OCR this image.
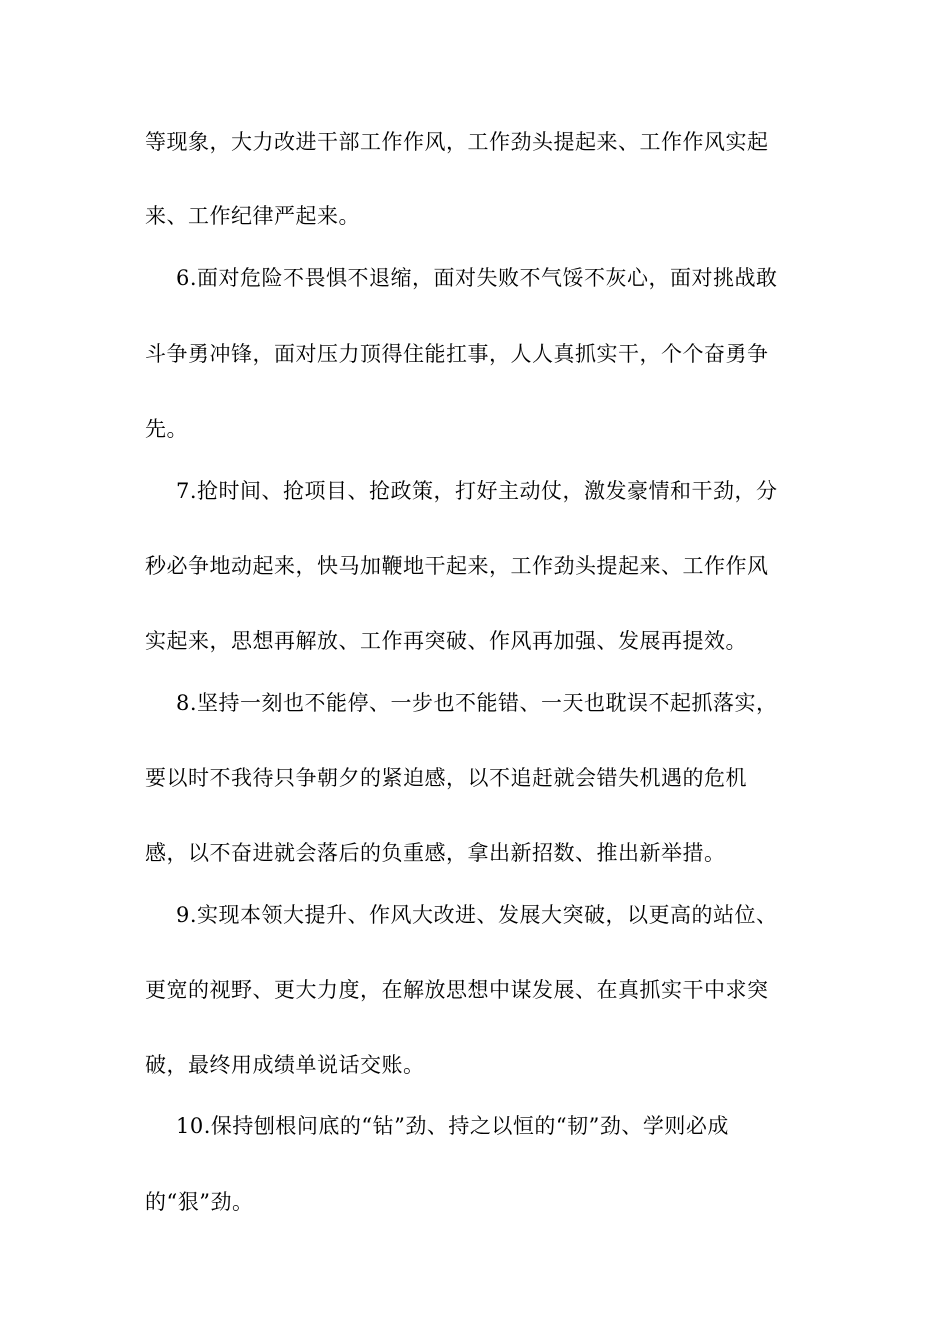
等现象，大力改进干部工作作风，工作劲头提起来、工作作风实起
来、工作纪律严起来。
6.面对危险不畏惧不退缩，面对失败不气馁不灰心，面对挑战敢
斗争勇冲锋，面对压力顶得住能扛事，人人真抓实干，个个奋勇争
先。
7.抢时间、抢项目、抢政策，打好主动仗，激发豪情和干劲，分
秒必争地动起来，快马加鞭地干起来，工作劲头提起来、工作作风
实起来，思想再解放、工作再突破、作风再加强、发展再提效。
8.坚持一刻也不能停、一步也不能错、一天也耽误不起抓落实，
要以时不我待只争朝夕的紧迫感，以不追赶就会错失机遇的危机
感，以不奋进就会落后的负重感，拿出新招数、推出新举措。
9.实现本领大提升、作风大改进、发展大突破，以更高的站位、
更宽的视野、更大力度，在解放思想中谋发展、在真抓实干中求突
破，最终用成绩单说话交账。
10.保持刨根问底的“钻”劲、持之以恒的“韧”劲、学则必成
的“狠”劲。
